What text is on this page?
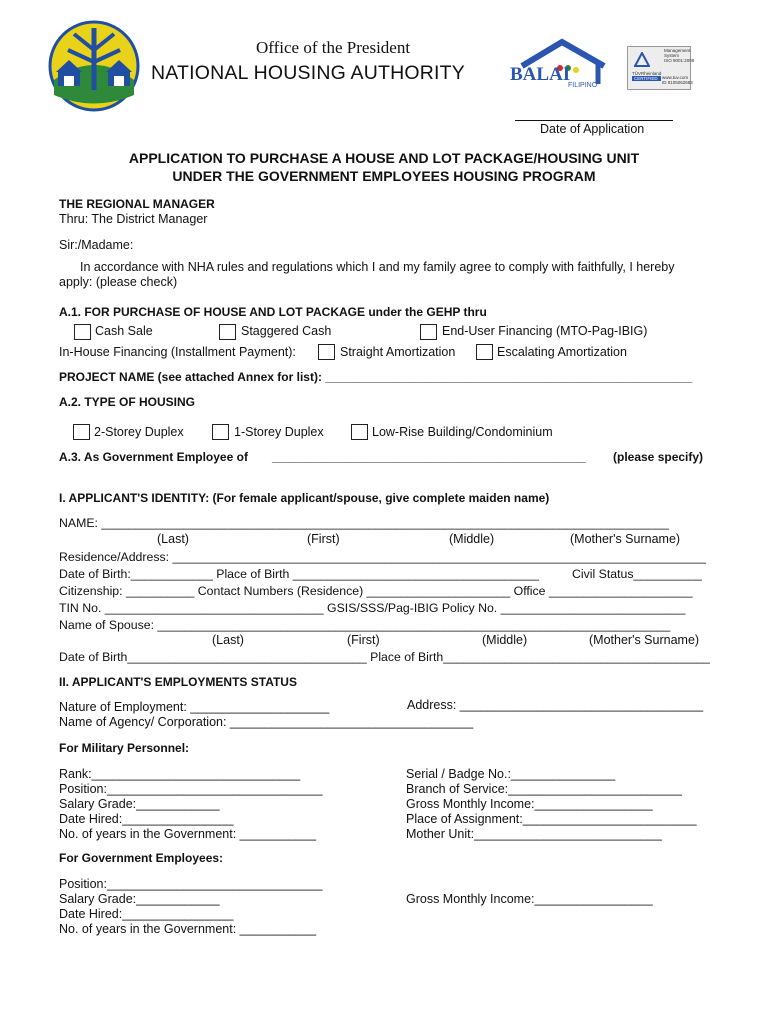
Office of the President
NATIONAL HOUSING AUTHORITY BALAI
FILIPINO
Management
System
ISO 9001:2008
TÜVRheinland
CERTIFIED www.tuv.com
ID 9105062683
Date of Application
APPLICATION TO PURCHASE A HOUSE AND LOT PACKAGE/HOUSING UNIT
UNDER THE GOVERNMENT EMPLOYEES HOUSING PROGRAM
THE REGIONAL MANAGER
Thru: The District Manager
Sir:/Madame:
In accordance with NHA rules and regulations which I and my family agree to comply with faithfully, I hereby
apply: (please check)
A.1. FOR PURCHASE OF HOUSE AND LOT PACKAGE under the GEHP thru
Cash Sale	Staggered Cash	End-User Financing (MTO-Pag-IBIG)
In-House Financing (Installment Payment):	Straight Amortization	Escalating Amortization
PROJECT NAME (see attached Annex for list): _______________________________________________________
A.2. TYPE OF HOUSING
2-Storey Duplex	1-Storey Duplex	Low-Rise Building/Condominium
A.3. As Government Employee of _______________________________________________ (please specify)
I. APPLICANT'S IDENTITY: (For female applicant/spouse, give complete maiden name)
NAME: ___________________________________________________________________________________
(Last)	(First)	(Middle)	(Mother's Surname)
Residence/Address: ______________________________________________________________________________
Date of Birth:____________ Place of Birth ____________________________________	Civil Status__________
Citizenship: __________ Contact Numbers (Residence) _____________________ Office _____________________
TIN No. ________________________________ GSIS/SSS/Pag-IBIG Policy No. ___________________________
Name of Spouse: ___________________________________________________________________________
(Last)	(First)	(Middle)	(Mother's Surname)
Date of Birth___________________________________ Place of Birth_______________________________________
II. APPLICANT'S EMPLOYMENTS STATUS
Nature of Employment: ____________________	Address: ___________________________________
Name of Agency/ Corporation: ___________________________________
For Military Personnel:
Rank:______________________________
Position:_______________________________
Salary Grade:____________
Date Hired:________________
No. of years in the Government: ___________
Serial / Badge No.:_______________
Branch of Service:_________________________
Gross Monthly Income:_________________
Place of Assignment:_________________________
Mother Unit:___________________________
For Government Employees:
Position:_______________________________
Salary Grade:____________
Date Hired:________________
No. of years in the Government: ___________
Gross Monthly Income:_________________
